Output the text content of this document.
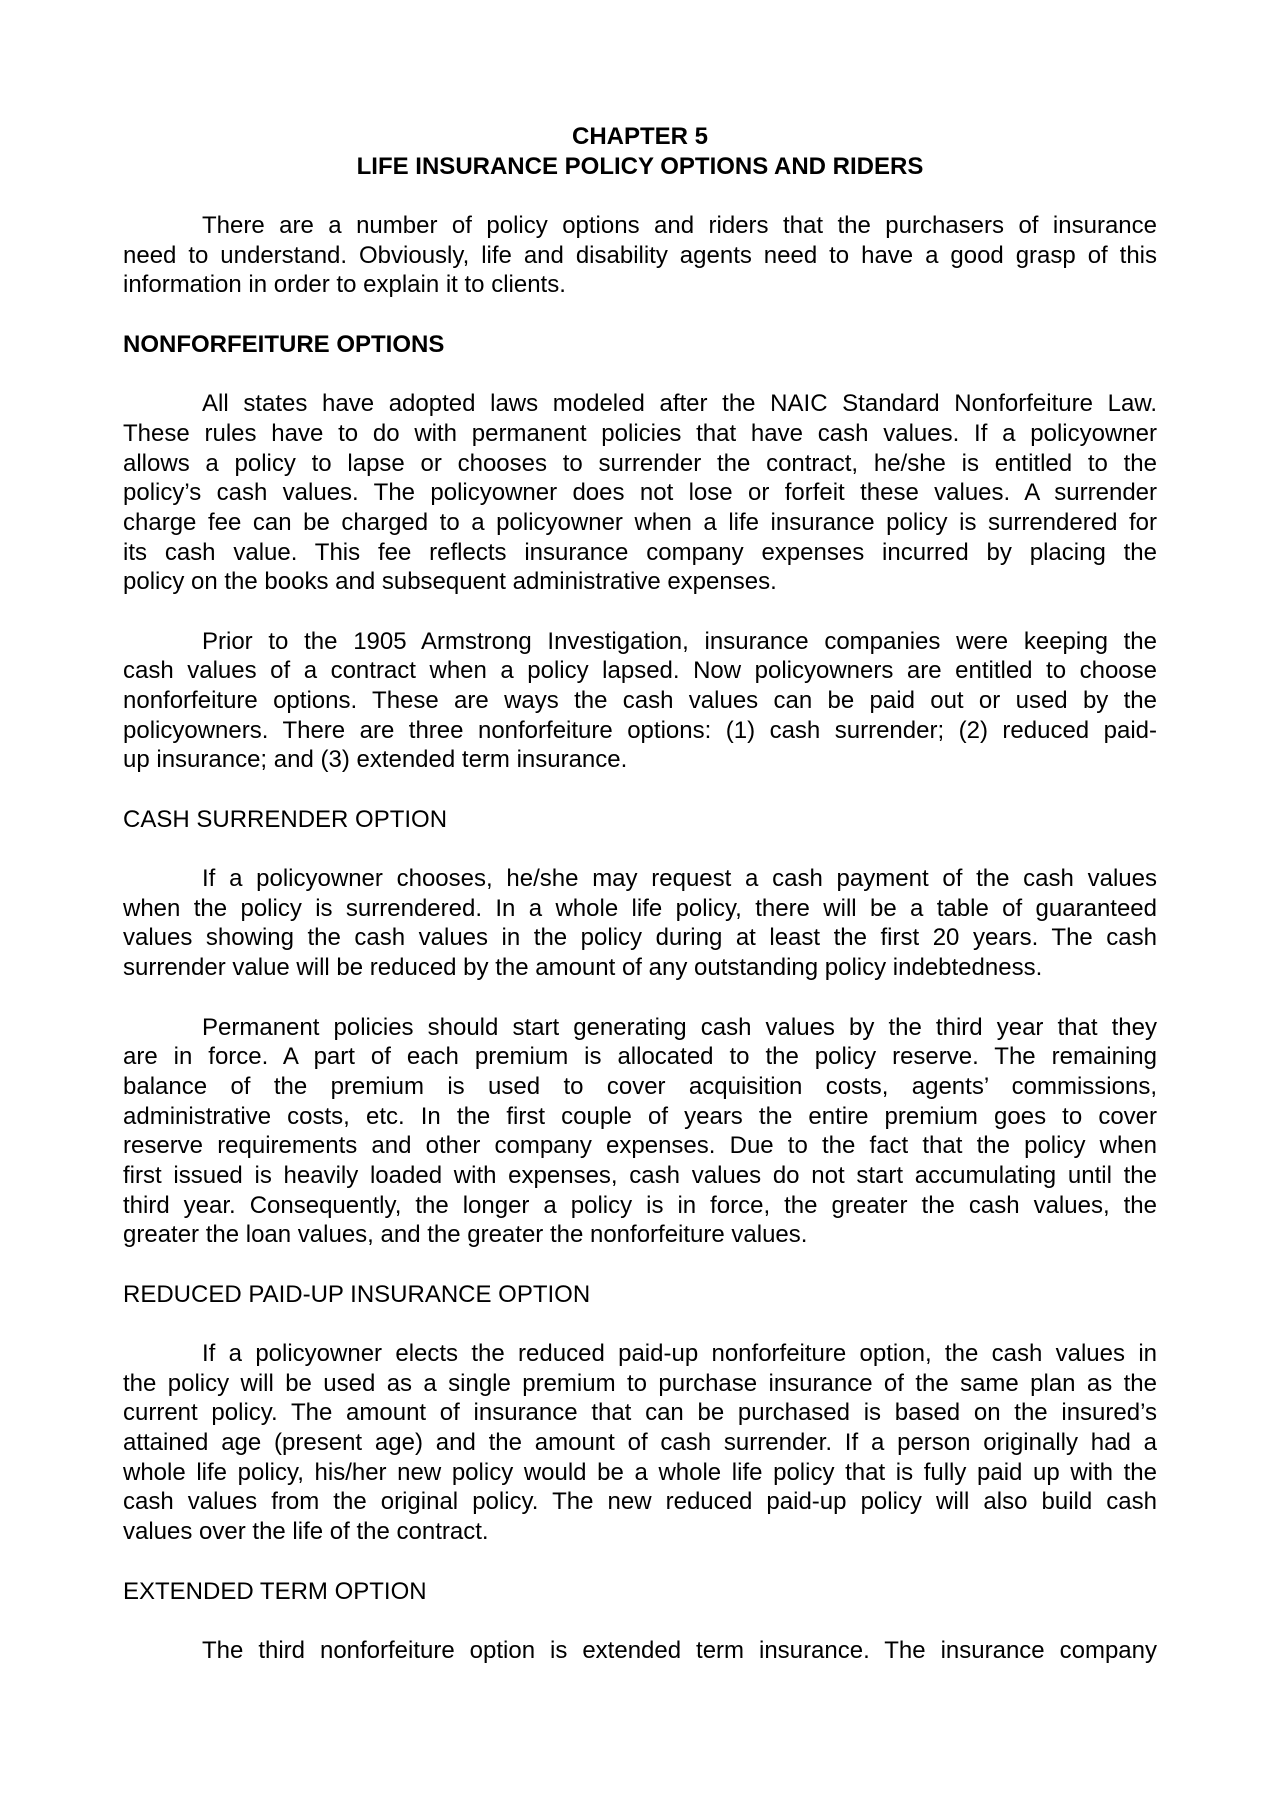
CHAPTER 5

LIFE INSURANCE POLICY OPTIONS AND RIDERS

There are a number of policy options and riders that the purchasers of insurance
need to understand. Obviously, life and disability agents need to have a good grasp of this
information in order to explain it to clients.
NONFORFEITURE OPTIONS
All states have adopted laws modeled after the NAIC Standard Nonforfeiture Law.
These rules have to do with permanent policies that have cash values. If a policyowner
allows a policy to lapse or chooses to surrender the contract, he/she is entitled to the
policy’s cash values. The policyowner does not lose or forfeit these values. A surrender
charge fee can be charged to a policyowner when a life insurance policy is surrendered for
its cash value. This fee reflects insurance company expenses incurred by placing the
policy on the books and subsequent administrative expenses.
Prior to the 1905 Armstrong Investigation, insurance companies were keeping the
cash values of a contract when a policy lapsed. Now policyowners are entitled to choose
nonforfeiture options. These are ways the cash values can be paid out or used by the
policyowners. There are three nonforfeiture options: (1) cash surrender; (2) reduced paid-
up insurance; and (3) extended term insurance.
CASH SURRENDER OPTION
If a policyowner chooses, he/she may request a cash payment of the cash values
when the policy is surrendered. In a whole life policy, there will be a table of guaranteed
values showing the cash values in the policy during at least the first 20 years. The cash
surrender value will be reduced by the amount of any outstanding policy indebtedness.
Permanent policies should start generating cash values by the third year that they
are in force. A part of each premium is allocated to the policy reserve. The remaining
balance of the premium is used to cover acquisition costs, agents’ commissions,
administrative costs, etc. In the first couple of years the entire premium goes to cover
reserve requirements and other company expenses. Due to the fact that the policy when
first issued is heavily loaded with expenses, cash values do not start accumulating until the
third year. Consequently, the longer a policy is in force, the greater the cash values, the
greater the loan values, and the greater the nonforfeiture values.
REDUCED PAID-UP INSURANCE OPTION
If a policyowner elects the reduced paid-up nonforfeiture option, the cash values in
the policy will be used as a single premium to purchase insurance of the same plan as the
current policy. The amount of insurance that can be purchased is based on the insured’s
attained age (present age) and the amount of cash surrender. If a person originally had a
whole life policy, his/her new policy would be a whole life policy that is fully paid up with the
cash values from the original policy. The new reduced paid-up policy will also build cash
values over the life of the contract.
EXTENDED TERM OPTION
The third nonforfeiture option is extended term insurance. The insurance company
